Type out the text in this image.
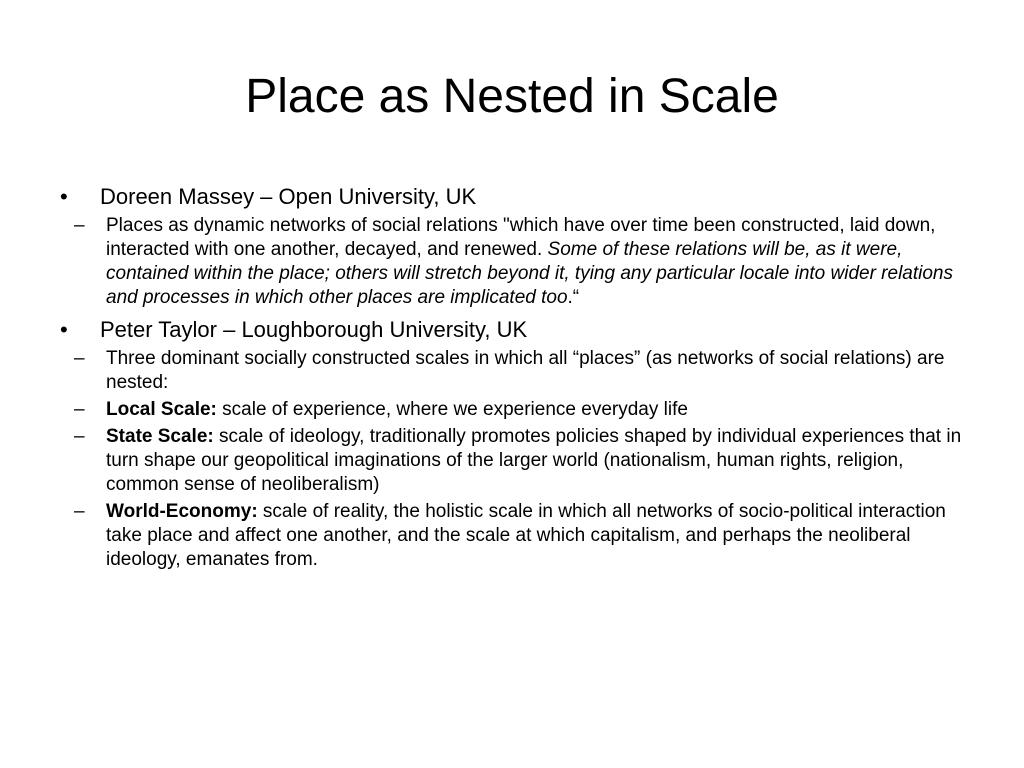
Place as Nested in Scale
•	Doreen Massey – Open University, UK
–	Places as dynamic networks of social relations "which have over time been constructed, laid down, interacted with one another, decayed, and renewed. Some of these relations will be, as it were, contained within the place; others will stretch beyond it, tying any particular locale into wider relations and processes in which other places are implicated too.“
•	Peter Taylor – Loughborough University, UK
–	Three dominant socially constructed scales in which all “places” (as networks of social relations) are nested:
–	Local Scale: scale of experience, where we experience everyday life
–	State Scale: scale of ideology, traditionally promotes policies shaped by individual experiences that in turn shape our geopolitical imaginations of the larger world (nationalism, human rights, religion, common sense of neoliberalism)
–	World-Economy: scale of reality, the holistic scale in which all networks of socio-political interaction take place and affect one another, and the scale at which capitalism, and perhaps the neoliberal ideology, emanates from.
